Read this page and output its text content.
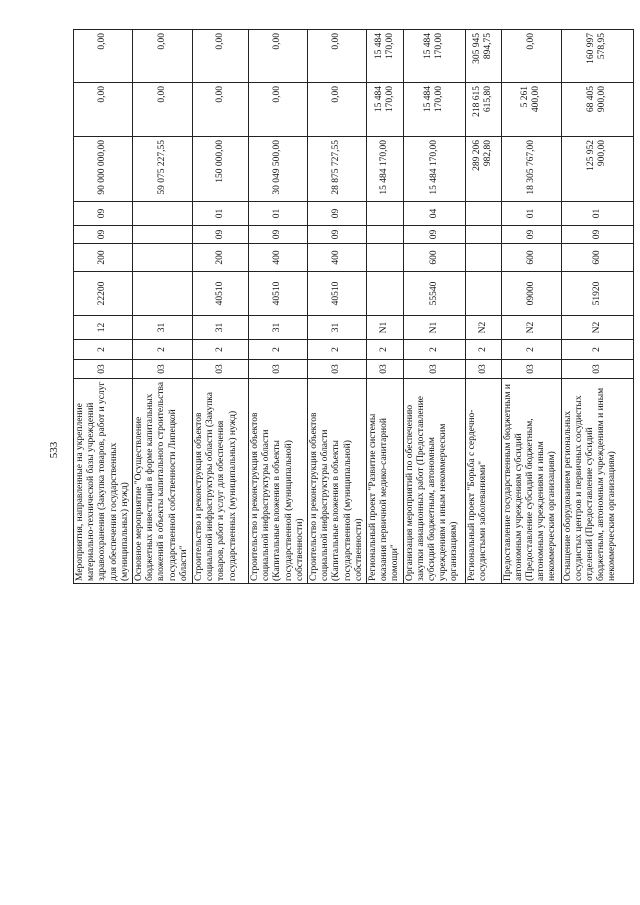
533 Мероприятия, направленные на укрепление материально-технической базы учреждений здравоохранения (Закупка товаров, работ и услуг для обеспечения государственных (муниципальных) нужд)	03	2	12	22200	200	09	09	90 000 000,00	0,00	0,00
Основное мероприятие "Осуществление бюджетных инвестиций в форме капитальных вложений в объекты капитального строительства государственной собственности Липецкой области"	03	2	31					59 075 227,55	0,00	0,00
Строительство и реконструкция объектов социальной инфраструктуры области (Закупка товаров, работ и услуг для обеспечения государственных (муниципальных) нужд)	03	2	31	40510	200	09	01	150 000,00	0,00	0,00
Строительство и реконструкция объектов социальной инфраструктуры области (Капитальные вложения в объекты государственной (муниципальной) собственности)	03	2	31	40510	400	09	01	30 049 500,00	0,00	0,00
Строительство и реконструкция объектов социальной инфраструктуры области (Капитальные вложения в объекты государственной (муниципальной) собственности)	03	2	31	40510	400	09	09	28 875 727,55	0,00	0,00
Региональный проект "Развитие системы оказания первичной медико-санитарной помощи"	03	2	N1					15 484 170,00	15 484 170,00	15 484 170,00
Организация мероприятий по обеспечению закупки авиационных работ (Предоставление субсидий бюджетным, автономным учреждениям и иным некоммерческим организациям)	03	2	N1	55540	600	09	04	15 484 170,00	15 484 170,00	15 484 170,00
Региональный проект "Борьба с сердечно-сосудистыми заболеваниями"	03	2	N2					289 206 982,80	218 615 615,80	305 945 894,75
Предоставление государственным бюджетным и автономным учреждениям субсидий (Предоставление субсидий бюджетным, автономным учреждениям и иным некоммерческим организациям)	03	2	N2	09000	600	09	01	18 305 767,00	5 261 400,00	0,00
Оснащение оборудованием региональных сосудистых центров и первичных сосудистых отделений (Предоставление субсидий бюджетным, автономным учреждениям и иным некоммерческим организациям)	03	2	N2	51920	600	09	01	125 952 900,00	68 405 900,00	160 997 578,95
